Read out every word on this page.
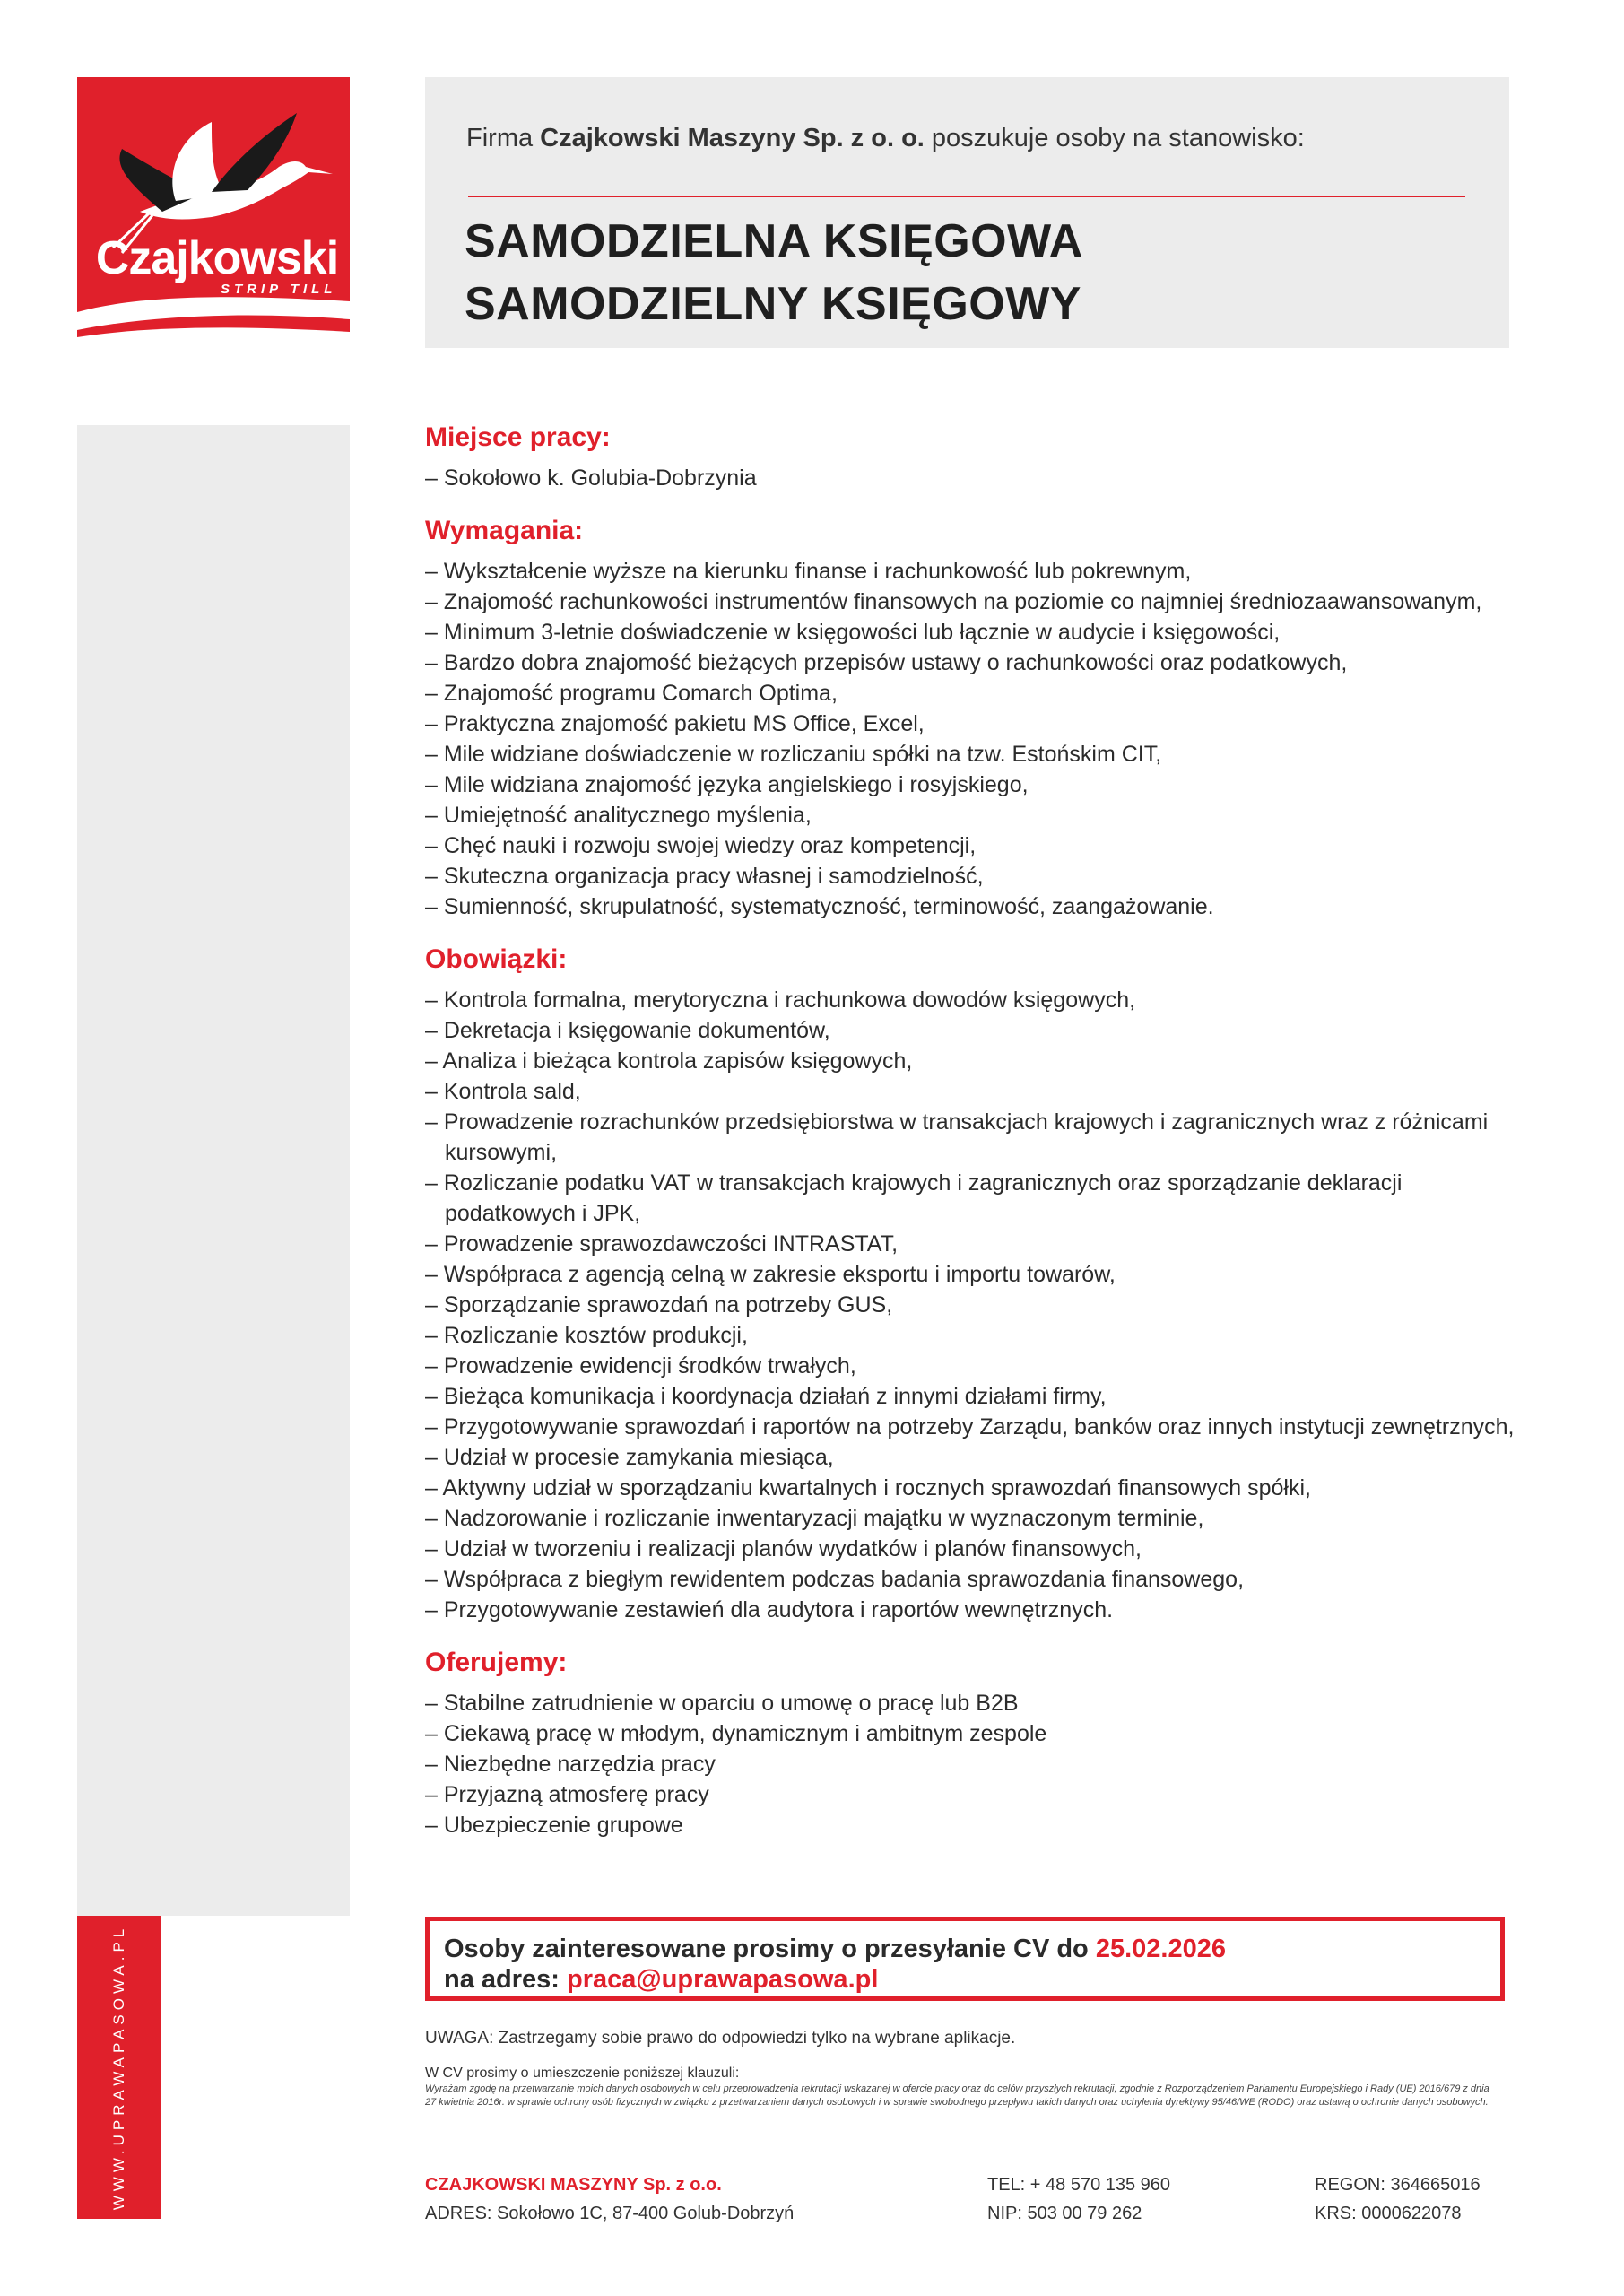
Czajkowski
STRIP TILL
Firma Czajkowski Maszyny Sp. z o. o. poszukuje osoby na stanowisko:
SAMODZIELNA KSIĘGOWA
SAMODZIELNY KSIĘGOWY
WWW.UPRAWAPASOWA.PL
Miejsce pracy:
– Sokołowo k. Golubia-Dobrzynia
Wymagania:
– Wykształcenie wyższe na kierunku finanse i rachunkowość lub pokrewnym,
– Znajomość rachunkowości instrumentów finansowych na poziomie co najmniej średniozaawansowanym,
– Minimum 3-letnie doświadczenie w księgowości lub łącznie w audycie i księgowości,
– Bardzo dobra znajomość bieżących przepisów ustawy o rachunkowości oraz podatkowych,
– Znajomość programu Comarch Optima,
– Praktyczna znajomość pakietu MS Office, Excel,
– Mile widziane doświadczenie w rozliczaniu spółki na tzw. Estońskim CIT,
– Mile widziana znajomość języka angielskiego i rosyjskiego,
– Umiejętność analitycznego myślenia,
– Chęć nauki i rozwoju swojej wiedzy oraz kompetencji,
– Skuteczna organizacja pracy własnej i samodzielność,
– Sumienność, skrupulatność, systematyczność, terminowość, zaangażowanie.
Obowiązki:
– Kontrola formalna, merytoryczna i rachunkowa dowodów księgowych,
– Dekretacja i księgowanie dokumentów,
– Analiza i bieżąca kontrola zapisów księgowych,
– Kontrola sald,
– Prowadzenie rozrachunków przedsiębiorstwa w transakcjach krajowych i zagranicznych wraz z różnicami kursowymi,
– Rozliczanie podatku VAT w transakcjach krajowych i zagranicznych oraz sporządzanie deklaracji podatkowych i JPK,
– Prowadzenie sprawozdawczości INTRASTAT,
– Współpraca z agencją celną w zakresie eksportu i importu towarów,
– Sporządzanie sprawozdań na potrzeby GUS,
– Rozliczanie kosztów produkcji,
– Prowadzenie ewidencji środków trwałych,
– Bieżąca komunikacja i koordynacja działań z innymi działami firmy,
– Przygotowywanie sprawozdań i raportów na potrzeby Zarządu, banków oraz innych instytucji zewnętrznych,
– Udział w procesie zamykania miesiąca,
– Aktywny udział w sporządzaniu kwartalnych i rocznych sprawozdań finansowych spółki,
– Nadzorowanie i rozliczanie inwentaryzacji majątku w wyznaczonym terminie,
– Udział w tworzeniu i realizacji planów wydatków i planów finansowych,
– Współpraca z biegłym rewidentem podczas badania sprawozdania finansowego,
– Przygotowywanie zestawień dla audytora i raportów wewnętrznych.
Oferujemy:
– Stabilne zatrudnienie w oparciu o umowę o pracę lub B2B
– Ciekawą pracę w młodym, dynamicznym i ambitnym zespole
– Niezbędne narzędzia pracy
– Przyjazną atmosferę pracy
– Ubezpieczenie grupowe
Osoby zainteresowane prosimy o przesyłanie CV do 25.02.2026
na adres: praca@uprawapasowa.pl
UWAGA: Zastrzegamy sobie prawo do odpowiedzi tylko na wybrane aplikacje.
W CV prosimy o umieszczenie poniższej klauzuli:
Wyrażam zgodę na przetwarzanie moich danych osobowych w celu przeprowadzenia rekrutacji wskazanej w ofercie pracy oraz do celów przyszłych rekrutacji, zgodnie z Rozporządzeniem Parlamentu Europejskiego i Rady (UE) 2016/679 z dnia 27 kwietnia 2016r. w sprawie ochrony osób fizycznych w związku z przetwarzaniem danych osobowych i w sprawie swobodnego przepływu takich danych oraz uchylenia dyrektywy 95/46/WE (RODO) oraz ustawą o ochronie danych osobowych.
CZAJKOWSKI MASZYNY Sp. z o.o.
ADRES: Sokołowo 1C, 87-400 Golub-Dobrzyń
TEL: + 48 570 135 960
NIP: 503 00 79 262
REGON: 364665016
KRS: 0000622078
